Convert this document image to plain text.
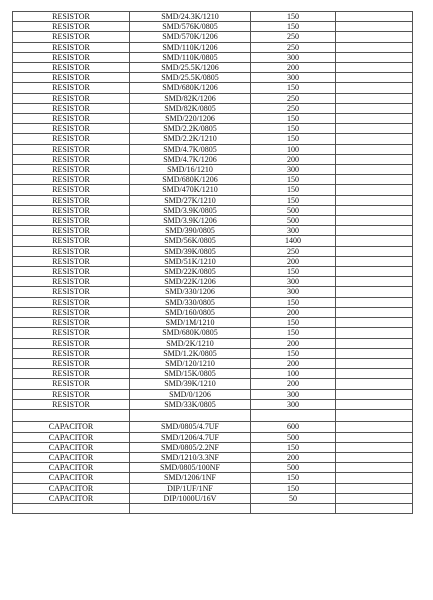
RESISTOR	SMD/24.3K/1210	150	
RESISTOR	SMD/576K/0805	150	
RESISTOR	SMD/570K/1206	250	
RESISTOR	SMD/110K/1206	250	
RESISTOR	SMD/110K/0805	300	
RESISTOR	SMD/25.5K/1206	200	
RESISTOR	SMD/25.5K/0805	300	
RESISTOR	SMD/680K/1206	150	
RESISTOR	SMD/82K/1206	250	
RESISTOR	SMD/82K/0805	250	
RESISTOR	SMD/220/1206	150	
RESISTOR	SMD/2.2K/0805	150	
RESISTOR	SMD/2.2K/1210	150	
RESISTOR	SMD/4.7K/0805	100	
RESISTOR	SMD/4.7K/1206	200	
RESISTOR	SMD/16/1210	300	
RESISTOR	SMD/680K/1206	150	
RESISTOR	SMD/470K/1210	150	
RESISTOR	SMD/27K/1210	150	
RESISTOR	SMD/3.9K/0805	500	
RESISTOR	SMD/3.9K/1206	500	
RESISTOR	SMD/390/0805	300	
RESISTOR	SMD/56K/0805	1400	
RESISTOR	SMD/39K/0805	250	
RESISTOR	SMD/51K/1210	200	
RESISTOR	SMD/22K/0805	150	
RESISTOR	SMD/22K/1206	300	
RESISTOR	SMD/330/1206	300	
RESISTOR	SMD/330/0805	150	
RESISTOR	SMD/160/0805	200	
RESISTOR	SMD/1M/1210	150	
RESISTOR	SMD/680K/0805	150	
RESISTOR	SMD/2K/1210	200	
RESISTOR	SMD/1.2K/0805	150	
RESISTOR	SMD/120/1210	200	
RESISTOR	SMD/15K/0805	100	
RESISTOR	SMD/39K/1210	200	
RESISTOR	SMD/0/1206	300	
RESISTOR	SMD/33K/0805	300	

CAPACITOR	SMD/0805/4.7UF	600	
CAPACITOR	SMD/1206/4.7UF	500	
CAPACITOR	SMD/0805/2.2NF	150	
CAPACITOR	SMD/1210/3.3NF	200	
CAPACITOR	SMD/0805/100NF	500	
CAPACITOR	SMD/1206/1NF	150	
CAPACITOR	DIP/1UF/1NF	150	
CAPACITOR	DIP/1000U/16V	50	
